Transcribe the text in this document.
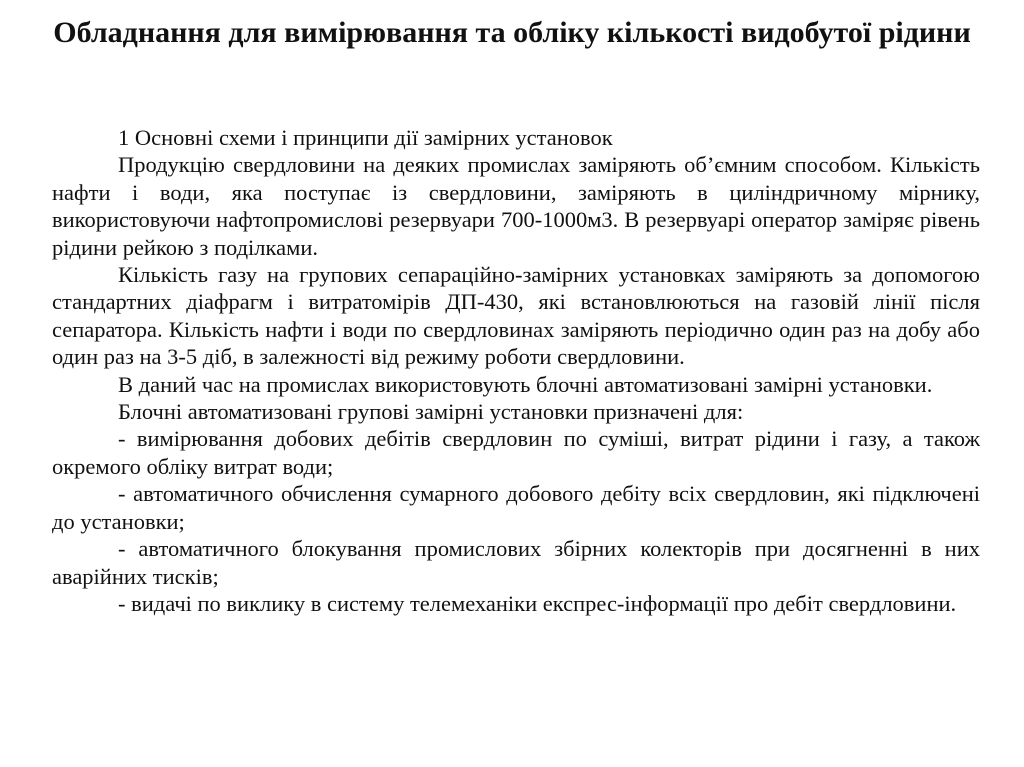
Обладнання для вимірювання та обліку кількості видобутої рідини

1 Основні схеми і принципи дії замірних установок

Продукцію свердловини на деяких промислах заміряють об’ємним способом. Кількість нафти і води, яка поступає із свердловини, заміряють в циліндричному мірнику, використовуючи нафтопромислові резервуари 700-1000м3. В резервуарі оператор заміряє рівень рідини рейкою з поділками.

Кількість газу на групових сепараційно-замірних установках заміряють за допомогою стандартних діафрагм і витратомірів ДП-430, які встановлюються на газовій лінії після сепаратора. Кількість нафти і води по свердловинах заміряють періодично один раз на добу або один раз на 3-5 діб, в залежності від режиму роботи свердловини.

В даний час на промислах використовують блочні автоматизовані замірні установки.

Блочні автоматизовані групові замірні установки призначені для:

- вимірювання добових дебітів свердловин по суміші, витрат рідини і газу, а також окремого обліку витрат води;

- автоматичного обчислення сумарного добового дебіту всіх свердловин, які підключені до установки;

- автоматичного блокування промислових збірних колекторів при досягненні в них аварійних тисків;

- видачі по виклику в систему телемеханіки експрес-інформації про дебіт свердловини.
